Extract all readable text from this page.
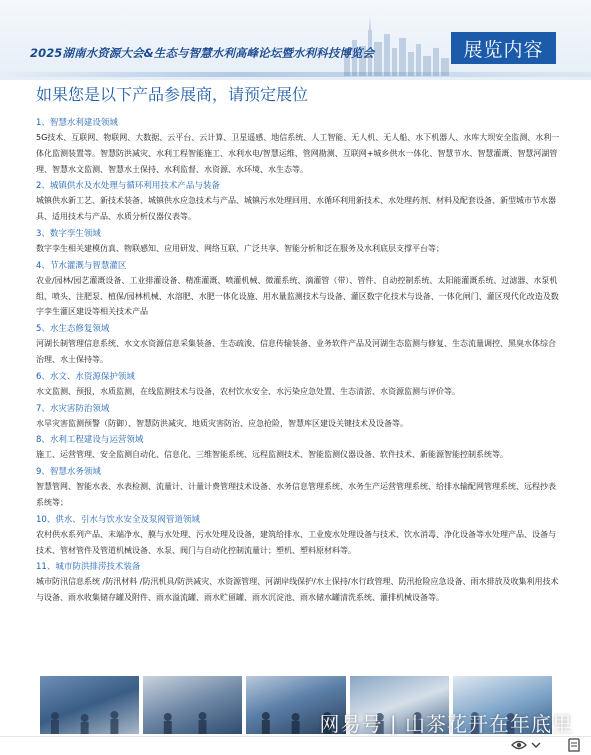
2025湖南水资源大会&生态与智慧水利高峰论坛暨水利科技博览会	展览内容
如果您是以下产品参展商，请预定展位
1、智慧水利建设领域
5G技术、互联网、物联网、大数据、云平台、云计算、卫星遥感、地信系统、人工智能、无人机、无人船、水下机器人、水库大坝安全监测、水利一体化监测装置等。智慧防洪减灾、水利工程智能施工、水利水电/智慧运维、管网勘测、互联网+城乡供水一体化、智慧节水、智慧灌溉、智慧河湖管理、智慧水文监测、智慧水土保持、水利监督、水资源、水环境、水生态等。
2、城镇供水及水处理与循环利用技术产品与装备
城镇供水新工艺、新技术装备、城镇供水应急技术与产品、城镇污水处理回用、水循环利用新技术、水处理药剂、材料及配套设备、新型城市节水器具、适用技术与产品、水质分析仪器仪表等。
3、数字孪生领域
数字孪生相关建模仿真、物联感知、应用研发、网络互联、广泛共享、智能分析和泛在服务及水利底层支撑平台等；
4、节水灌溉与智慧灌区
农业/园林/园艺灌溉设备、工业排灌设备、精准灌溉、喷灌机械、微灌系统、滴灌管（带）、管件、自动控制系统、太阳能灌溉系统、过滤器、水泵机组、喷头、注肥泵、植保/园林机械、水溶肥、水肥一体化设施、用水量监测技术与设备、灌区数字化技术与设备、一体化闸门、灌区现代化改造及数字孪生灌区建设等相关技术产品
5、水生态修复领域
河湖长制管理信息系统、水文水资源信息采集装备、生态疏浚、信息传输装备、业务软件产品及河湖生态监测与修复、生态流量调控、黑臭水体综合治理、水土保持等。
6、水文、水资源保护领域
水文监测、预报，水质监测，在线监测技术与设备，农村饮水安全、水污染应急处置、生态清淤、水资源监测与评价等。
7、水灾害防治领域
水旱灾害监测预警（防御）、智慧防洪减灾、地质灾害防治、应急抢险，智慧库区建设关键技术及设备等。
8、水利工程建设与运营领域
施工、运营管理、安全监测自动化、信息化、三维智能系统、远程监测技术、智能监测仪器设备、软件技术、新能源智能控制系统等。
9、智慧水务领域
智慧管网、智能水表、水表检测、流量计、计量计费管理技术设备、水务信息管理系统、水务生产运营管理系统、给排水输配网管理系统、远程抄表系统等；
10、供水、引水与饮水安全及泵阀管道领域
农村供水系列产品、末端净水、膜与水处理、污水处理及设备，建筑给排水、工业废水处理设备与技术、饮水消毒、净化设备等水处理产品、设备与技术、管材管件及管道机械设备、水泵、阀门与自动化控制流量计；塑机、塑料原材料等。
11、城市防洪排涝技术装备
城市防汛信息系统 /防汛材料 /防汛机具/防洪减灾、水资源管理、河湖岸线保护/水土保持/水行政管理、防汛抢险应急设备、雨水排放及收集利用技术与设备、雨水收集储存罐及附件、雨水溢流罐、雨水贮留罐、雨水沉淀池、雨水储水罐清洗系统、灌排机械设备等。
网易号 | 山茶花开在年底里
